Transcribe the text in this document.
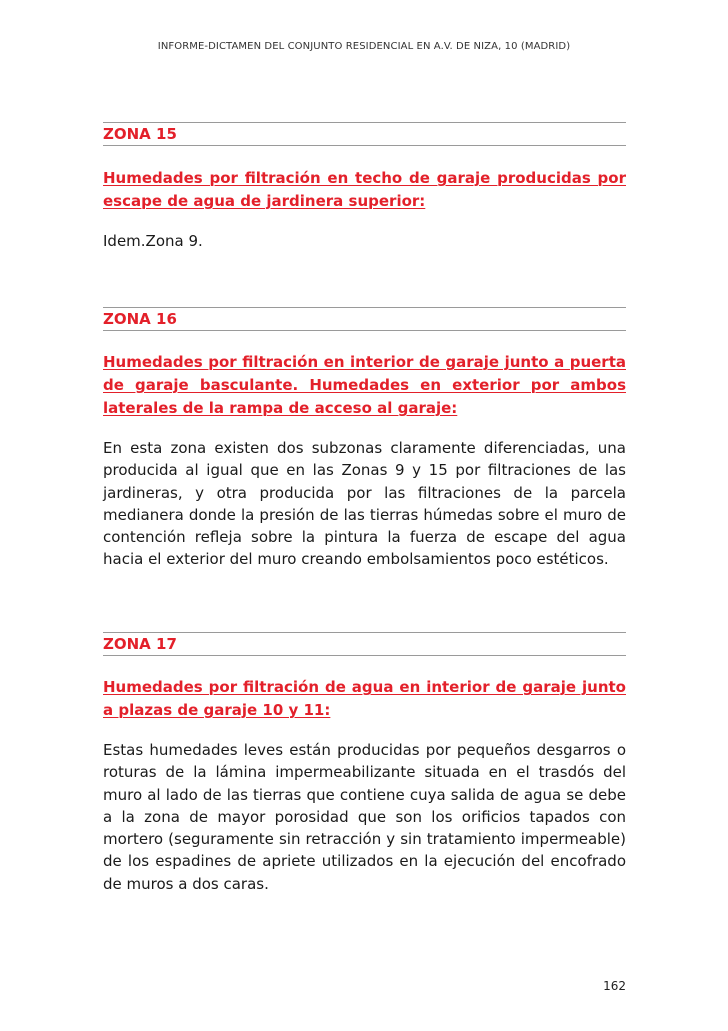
INFORME-DICTAMEN DEL CONJUNTO RESIDENCIAL EN A.V. DE NIZA, 10 (MADRID)
ZONA 15

Humedades por filtración en techo de garaje producidas por escape de agua de jardinera superior:

Idem.Zona 9.

ZONA 16

Humedades por filtración en interior de garaje junto a puerta de garaje basculante. Humedades en exterior por ambos laterales de la rampa de acceso al garaje:

En esta zona existen dos subzonas claramente diferenciadas, una producida al igual que en las Zonas 9 y 15 por filtraciones de las jardineras, y otra producida por las filtraciones de la parcela medianera donde la presión de las tierras húmedas sobre el muro de contención refleja sobre la pintura la fuerza de escape del agua hacia el exterior del muro creando embolsamientos poco estéticos.

ZONA 17

Humedades por filtración de agua en interior de garaje junto a plazas de garaje 10 y 11:

Estas humedades leves están producidas por pequeños desgarros o roturas de la lámina impermeabilizante situada en el trasdós del muro al lado de las tierras que contiene cuya salida de agua se debe a la zona de mayor porosidad que son los orificios tapados con mortero (seguramente sin retracción y sin tratamiento impermeable) de los espadines de apriete utilizados en la ejecución del encofrado de muros a dos caras.

162
